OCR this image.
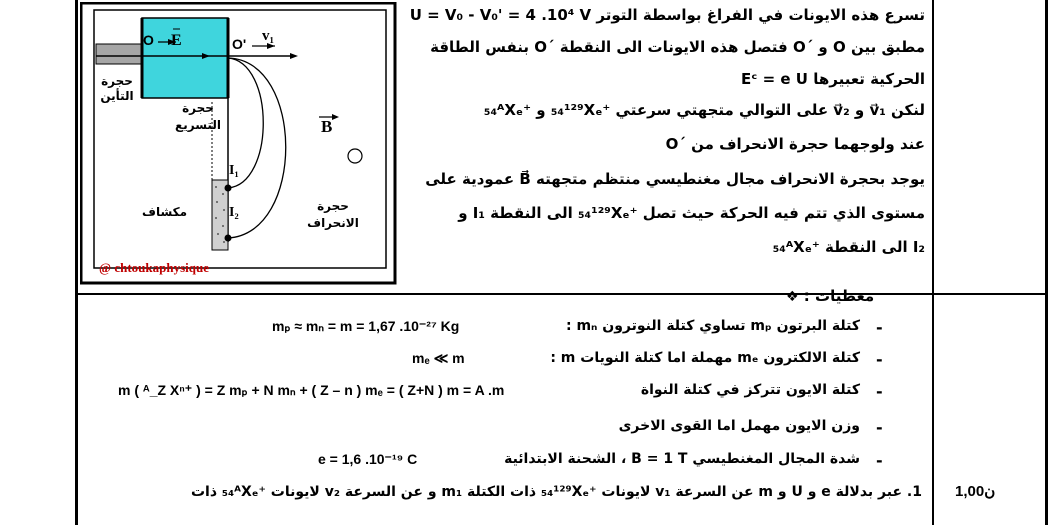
O E	O' v₁
B
I₁
I₂
حجرة
التأين
حجرة
التسريع
حجرة
الانحراف
مكشاف
@ chtoukaphysique
تسرع هذه الايونات في الفراغ بواسطة التوتر U = V₀ - V₀' = 4 .10⁴ V
مطبق بين O و ´O فتصل هذه الايونات الى النقطة ´O بنفس الطاقة
الحركية تعبيرها Eᶜ = e U
لنكن v⃗₁ و v⃗₂ على التوالي متجهتي سرعتي ⁺₅₄¹²⁹Xₑ و ⁺₅₄ᴬXₑ
عند ولوجهما حجرة الانحراف من ´O
يوجد بحجرة الانحراف مجال مغنطيسي منتظم متجهته B⃗ عمودية على
مستوى الذي تتم فيه الحركة حيث تصل ⁺₅₄¹²⁹Xₑ الى النقطة I₁ و
I₂ الى النقطة ⁺₅₄ᴬXₑ
معطيات : ❖
-
كتلة البرتون mₚ تساوي كتلة النوترون mₙ :
mₚ ≈ mₙ = m = 1,67 .10⁻²⁷ Kg
-
كتلة الالكترون mₑ مهملة اما كتلة النويات m :
mₑ ≪ m
-
كتلة الايون تتركز في كتلة النواة
m ( ᴬ_Z Xⁿ⁺ ) = Z mₚ + N mₙ + ( Z – n ) mₑ = ( Z+N ) m = A .m
-
وزن الايون مهمل اما القوى الاخرى
-
شدة المجال المغنطيسي B = 1 T ، الشحنة الابتدائية
e = 1,6 .10⁻¹⁹ C
1,00ن
1. عبر بدلالة e و U و m عن السرعة v₁ لايونات ⁺₅₄¹²⁹Xₑ ذات الكتلة m₁ و عن السرعة v₂ لايونات ⁺₅₄ᴬXₑ ذات
